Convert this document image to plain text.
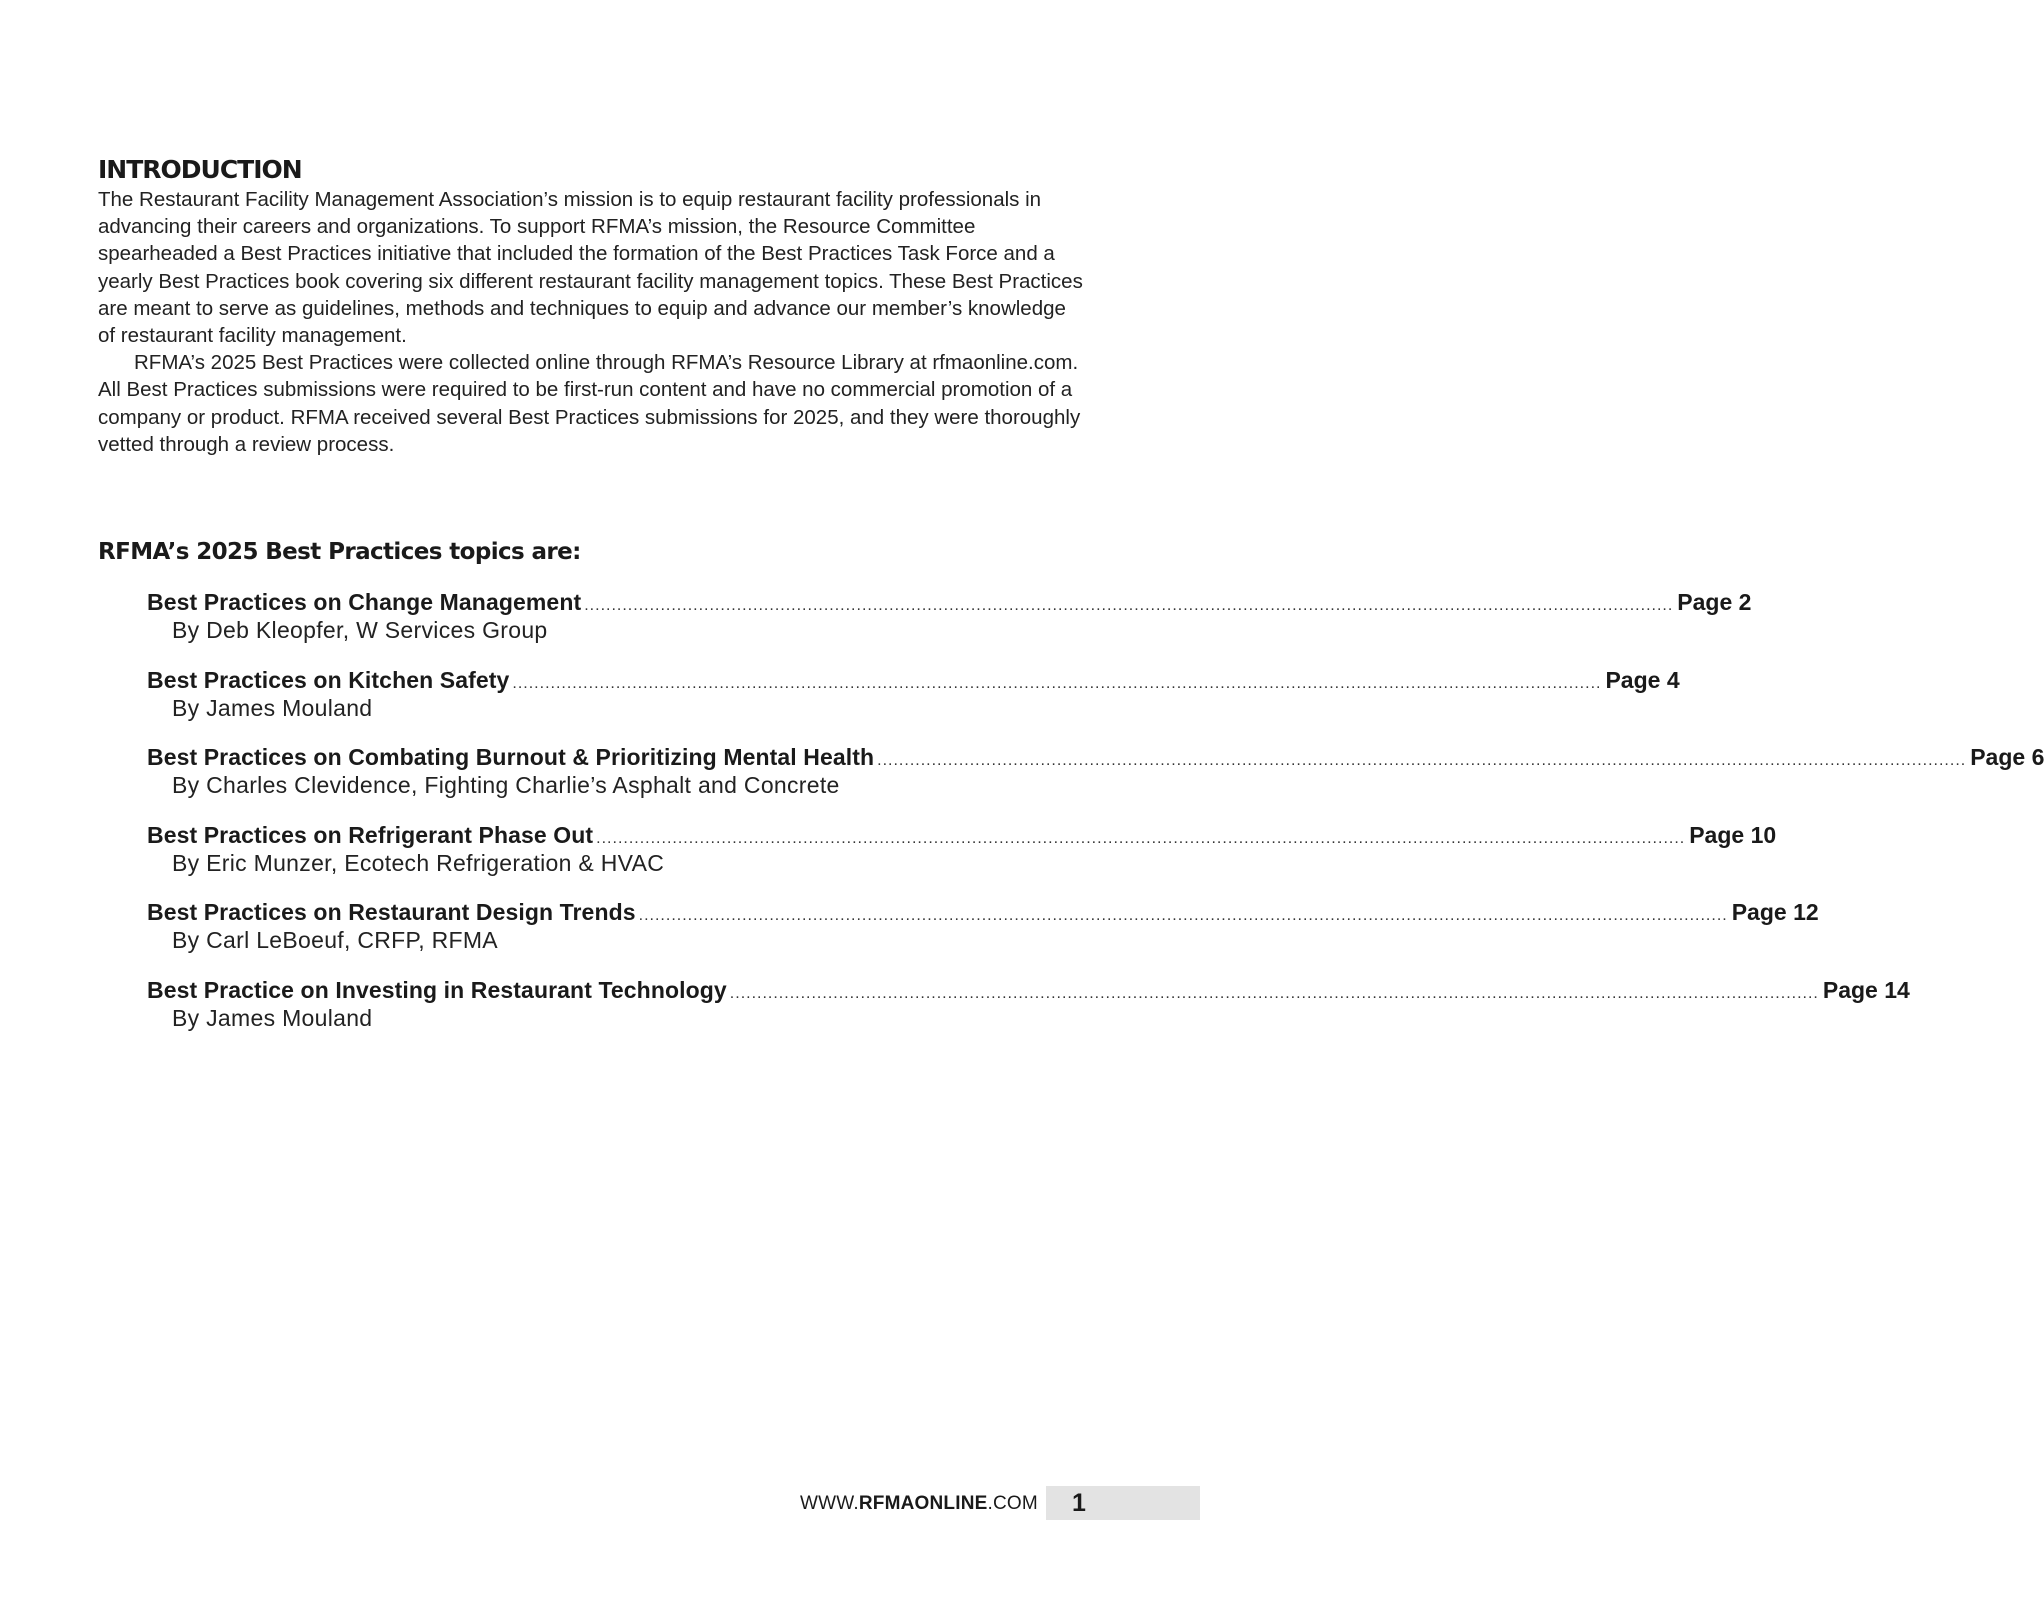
INTRODUCTION

The Restaurant Facility Management Association’s mission is to equip restaurant facility professionals in advancing their careers and organizations. To support RFMA’s mission, the Resource Committee spearheaded a Best Practices initiative that included the formation of the Best Practices Task Force and a yearly Best Practices book covering six different restaurant facility management topics. These Best Practices are meant to serve as guidelines, methods and techniques to equip and advance our member’s knowledge of restaurant facility management.

RFMA’s 2025 Best Practices were collected online through RFMA’s Resource Library at rfmaonline.com. All Best Practices submissions were required to be first-run content and have no commercial promotion of a company or product. RFMA received several Best Practices submissions for 2025, and they were thoroughly vetted through a review process.

RFMA’s 2025 Best Practices topics are:
Best Practices on Change Management ........................................................................................................................................................................................................ Page 2
By Deb Kleopfer, W Services Group
Best Practices on Kitchen Safety ........................................................................................................................................................................................................ Page 4
By James Mouland
Best Practices on Combating Burnout & Prioritizing Mental Health ........................................................................................................................................................................................................ Page 6
By Charles Clevidence, Fighting Charlie’s Asphalt and Concrete
Best Practices on Refrigerant Phase Out ........................................................................................................................................................................................................ Page 10
By Eric Munzer, Ecotech Refrigeration & HVAC
Best Practices on Restaurant Design Trends ........................................................................................................................................................................................................ Page 12
By Carl LeBoeuf, CRFP, RFMA
Best Practice on Investing in Restaurant Technology ........................................................................................................................................................................................................ Page 14
By James Mouland
WWW.RFMAONLINE.COM 1
